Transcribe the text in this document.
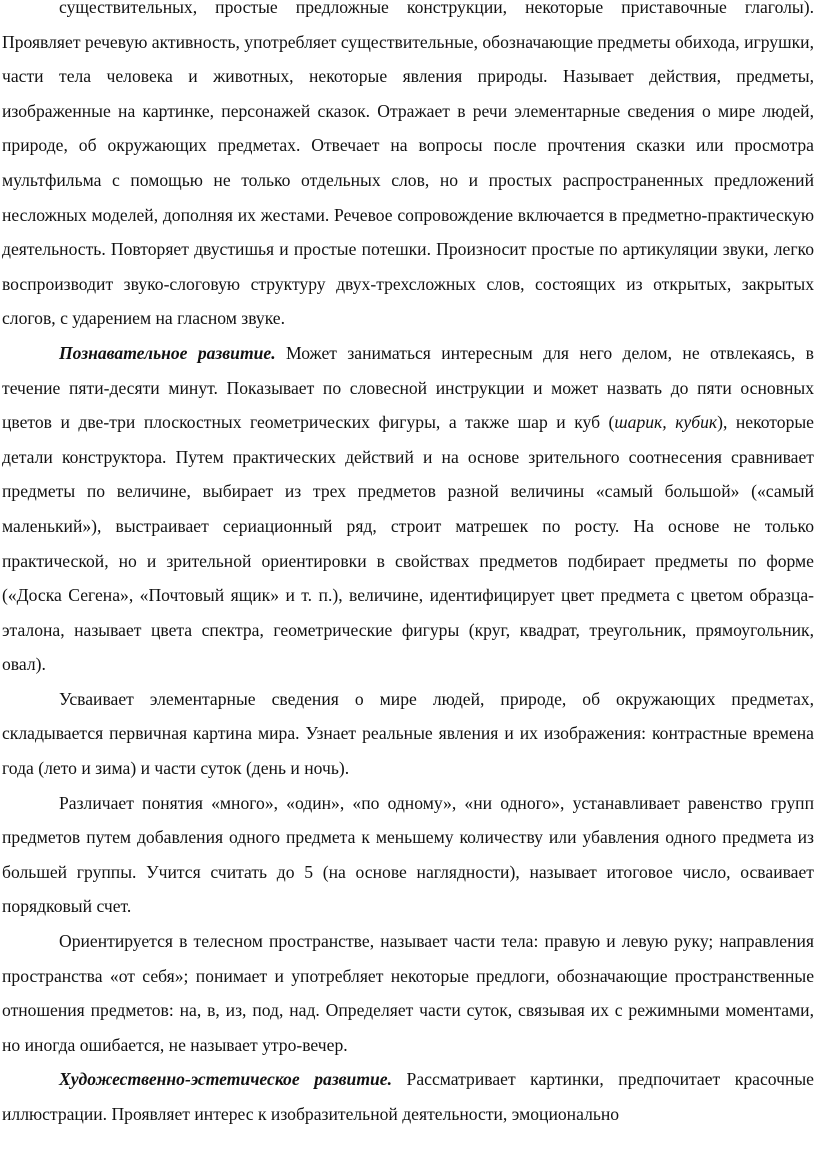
существительных, простые предложные конструкции, некоторые приставочные глаголы). Проявляет речевую активность, употребляет существительные, обозначающие предметы обихода, игрушки, части тела человека и животных, некоторые явления природы. Называет действия, предметы, изображенные на картинке, персонажей сказок. Отражает в речи элементарные сведения о мире людей, природе, об окружающих предметах. Отвечает на вопросы после прочтения сказки или просмотра мультфильма с помощью не только отдельных слов, но и простых распространенных предложений несложных моделей, дополняя их жестами. Речевое сопровождение включается в предметно-практическую деятельность. Повторяет двустишья и простые потешки. Произносит простые по артикуляции звуки, легко воспроизводит звуко-слоговую структуру двух-трехсложных слов, состоящих из открытых, закрытых слогов, с ударением на гласном звуке.

Познавательное развитие. Может заниматься интересным для него делом, не отвлекаясь, в течение пяти-десяти минут. Показывает по словесной инструкции и может назвать до пяти основных цветов и две-три плоскостных геометрических фигуры, а также шар и куб (шарик, кубик), некоторые детали конструктора. Путем практических действий и на основе зрительного соотнесения сравнивает предметы по величине, выбирает из трех предметов разной величины «самый большой» («самый маленький»), выстраивает сериационный ряд, строит матрешек по росту. На основе не только практической, но и зрительной ориентировки в свойствах предметов подбирает предметы по форме («Доска Сегена», «Почтовый ящик» и т. п.), величине, идентифицирует цвет предмета с цветом образца-эталона, называет цвета спектра, геометрические фигуры (круг, квадрат, треугольник, прямоугольник, овал).

Усваивает элементарные сведения о мире людей, природе, об окружающих предметах, складывается первичная картина мира. Узнает реальные явления и их изображения: контрастные времена года (лето и зима) и части суток (день и ночь).

Различает понятия «много», «один», «по одному», «ни одного», устанавливает равенство групп предметов путем добавления одного предмета к меньшему количеству или убавления одного предмета из большей группы. Учится считать до 5 (на основе наглядности), называет итоговое число, осваивает порядковый счет.

Ориентируется в телесном пространстве, называет части тела: правую и левую руку; направления пространства «от себя»; понимает и употребляет некоторые предлоги, обозначающие пространственные отношения предметов: на, в, из, под, над. Определяет части суток, связывая их с режимными моментами, но иногда ошибается, не называет утро-вечер.

Художественно-эстетическое развитие. Рассматривает картинки, предпочитает красочные иллюстрации. Проявляет интерес к изобразительной деятельности, эмоционально
